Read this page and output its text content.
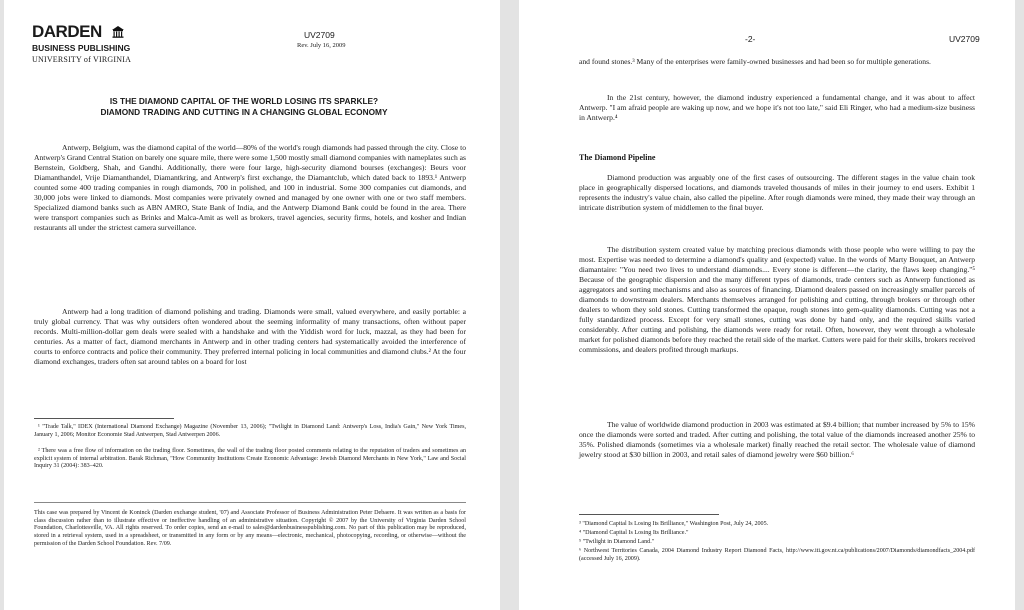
DARDEN
BUSINESS PUBLISHING
UNIVERSITY of VIRGINIA
UV2709
Rev. July 16, 2009
IS THE DIAMOND CAPITAL OF THE WORLD LOSING ITS SPARKLE?
DIAMOND TRADING AND CUTTING IN A CHANGING GLOBAL ECONOMY

Antwerp, Belgium, was the diamond capital of the world—80% of the world's rough diamonds had passed through the city. Close to Antwerp's Grand Central Station on barely one square mile, there were some 1,500 mostly small diamond companies with nameplates such as Bernstein, Goldberg, Shah, and Gandhi. Additionally, there were four large, high-security diamond bourses (exchanges): Beurs voor Diamanthandel, Vrije Diamanthandel, Diamantkring, and Antwerp's first exchange, the Diamantclub, which dated back to 1893.¹ Antwerp counted some 400 trading companies in rough diamonds, 700 in polished, and 100 in industrial. Some 300 companies cut diamonds, and 30,000 jobs were linked to diamonds. Most companies were privately owned and managed by one owner with one or two staff members. Specialized diamond banks such as ABN AMRO, State Bank of India, and the Antwerp Diamond Bank could be found in the area. There were transport companies such as Brinks and Malca-Amit as well as brokers, travel agencies, security firms, hotels, and kosher and Indian restaurants all under the strictest camera surveillance.

Antwerp had a long tradition of diamond polishing and trading. Diamonds were small, valued everywhere, and easily portable: a truly global currency. That was why outsiders often wondered about the seeming informality of many transactions, often without paper records. Multi-million-dollar gem deals were sealed with a handshake and with the Yiddish word for luck, mazzal, as they had been for centuries. As a matter of fact, diamond merchants in Antwerp and in other trading centers had systematically avoided the interference of courts to enforce contracts and police their community. They preferred internal policing in local communities and diamond clubs.² At the four diamond exchanges, traders often sat around tables on a board for lost

¹ "Trade Talk," IDEX (International Diamond Exchange) Magazine (November 13, 2006); "Twilight in Diamond Land: Antwerp's Loss, India's Gain," New York Times, January 1, 2006; Monitor Economie Stad Antwerpen, Stad Antwerpen 2006.
² There was a free flow of information on the trading floor. Sometimes, the wall of the trading floor posted comments relating to the reputation of traders and sometimes an explicit system of internal arbitration. Barak Richman, "How Community Institutions Create Economic Advantage: Jewish Diamond Merchants in New York," Law and Social Inquiry 31 (2004): 383–420.
This case was prepared by Vincent de Koninck (Darden exchange student, '07) and Associate Professor of Business Administration Peter Debaere. It was written as a basis for class discussion rather than to illustrate effective or ineffective handling of an administrative situation. Copyright © 2007 by the University of Virginia Darden School Foundation, Charlottesville, VA. All rights reserved. To order copies, send an e-mail to sales@dardenbusinesspublishing.com. No part of this publication may be reproduced, stored in a retrieval system, used in a spreadsheet, or transmitted in any form or by any means—electronic, mechanical, photocopying, recording, or otherwise—without the permission of the Darden School Foundation. Rev. 7/09.
-2-	UV2709

and found stones.³ Many of the enterprises were family-owned businesses and had been so for multiple generations.

In the 21st century, however, the diamond industry experienced a fundamental change, and it was about to affect Antwerp. "I am afraid people are waking up now, and we hope it's not too late," said Eli Ringer, who had a medium-size business in Antwerp.⁴

The Diamond Pipeline

Diamond production was arguably one of the first cases of outsourcing. The different stages in the value chain took place in geographically dispersed locations, and diamonds traveled thousands of miles in their journey to end users. Exhibit 1 represents the industry's value chain, also called the pipeline. After rough diamonds were mined, they made their way through an intricate distribution system of middlemen to the final buyer.

The distribution system created value by matching precious diamonds with those people who were willing to pay the most. Expertise was needed to determine a diamond's quality and (expected) value. In the words of Marty Bouquet, an Antwerp diamantaire: "You need two lives to understand diamonds.... Every stone is different—the clarity, the flaws keep changing."⁵ Because of the geographic dispersion and the many different types of diamonds, trade centers such as Antwerp functioned as aggregators and sorting mechanisms and also as sources of financing. Diamond dealers passed on increasingly smaller parcels of diamonds to downstream dealers. Merchants themselves arranged for polishing and cutting, through brokers or through other dealers to whom they sold stones. Cutting transformed the opaque, rough stones into gem-quality diamonds. Cutting was not a fully standardized process. Except for very small stones, cutting was done by hand only, and the required skills varied considerably. After cutting and polishing, the diamonds were ready for retail. Often, however, they went through a wholesale market for polished diamonds before they reached the retail side of the market. Cutters were paid for their skills, brokers received commissions, and dealers profited through markups.

The value of worldwide diamond production in 2003 was estimated at $9.4 billion; that number increased by 5% to 15% once the diamonds were sorted and traded. After cutting and polishing, the total value of the diamonds increased another 25% to 35%. Polished diamonds (sometimes via a wholesale market) finally reached the retail sector. The wholesale value of diamond jewelry stood at $30 billion in 2003, and retail sales of diamond jewelry were $60 billion.⁶

³ "Diamond Capital Is Losing Its Brilliance," Washington Post, July 24, 2005.
⁴ "Diamond Capital Is Losing Its Brilliance."
⁵ "Twilight in Diamond Land."
⁶ Northwest Territories Canada, 2004 Diamond Industry Report Diamond Facts, http://www.iti.gov.nt.ca/publications/2007/Diamonds/diamondfacts_2004.pdf (accessed July 16, 2009).
